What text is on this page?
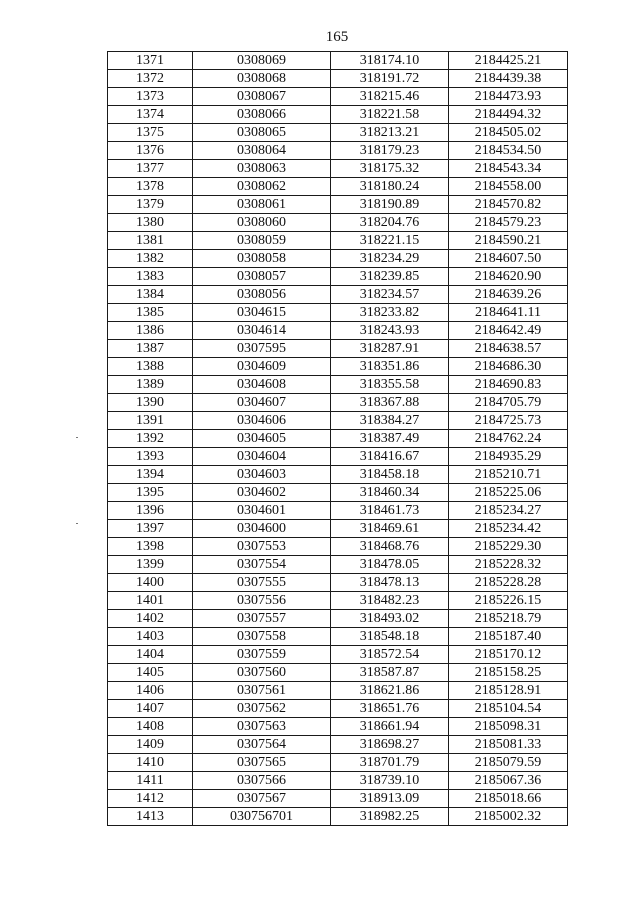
165
1371	0308069	318174.10	2184425.21
1372	0308068	318191.72	2184439.38
1373	0308067	318215.46	2184473.93
1374	0308066	318221.58	2184494.32
1375	0308065	318213.21	2184505.02
1376	0308064	318179.23	2184534.50
1377	0308063	318175.32	2184543.34
1378	0308062	318180.24	2184558.00
1379	0308061	318190.89	2184570.82
1380	0308060	318204.76	2184579.23
1381	0308059	318221.15	2184590.21
1382	0308058	318234.29	2184607.50
1383	0308057	318239.85	2184620.90
1384	0308056	318234.57	2184639.26
1385	0304615	318233.82	2184641.11
1386	0304614	318243.93	2184642.49
1387	0307595	318287.91	2184638.57
1388	0304609	318351.86	2184686.30
1389	0304608	318355.58	2184690.83
1390	0304607	318367.88	2184705.79
1391	0304606	318384.27	2184725.73
1392	0304605	318387.49	2184762.24
1393	0304604	318416.67	2184935.29
1394	0304603	318458.18	2185210.71
1395	0304602	318460.34	2185225.06
1396	0304601	318461.73	2185234.27
1397	0304600	318469.61	2185234.42
1398	0307553	318468.76	2185229.30
1399	0307554	318478.05	2185228.32
1400	0307555	318478.13	2185228.28
1401	0307556	318482.23	2185226.15
1402	0307557	318493.02	2185218.79
1403	0307558	318548.18	2185187.40
1404	0307559	318572.54	2185170.12
1405	0307560	318587.87	2185158.25
1406	0307561	318621.86	2185128.91
1407	0307562	318651.76	2185104.54
1408	0307563	318661.94	2185098.31
1409	0307564	318698.27	2185081.33
1410	0307565	318701.79	2185079.59
1411	0307566	318739.10	2185067.36
1412	0307567	318913.09	2185018.66
1413	030756701	318982.25	2185002.32
